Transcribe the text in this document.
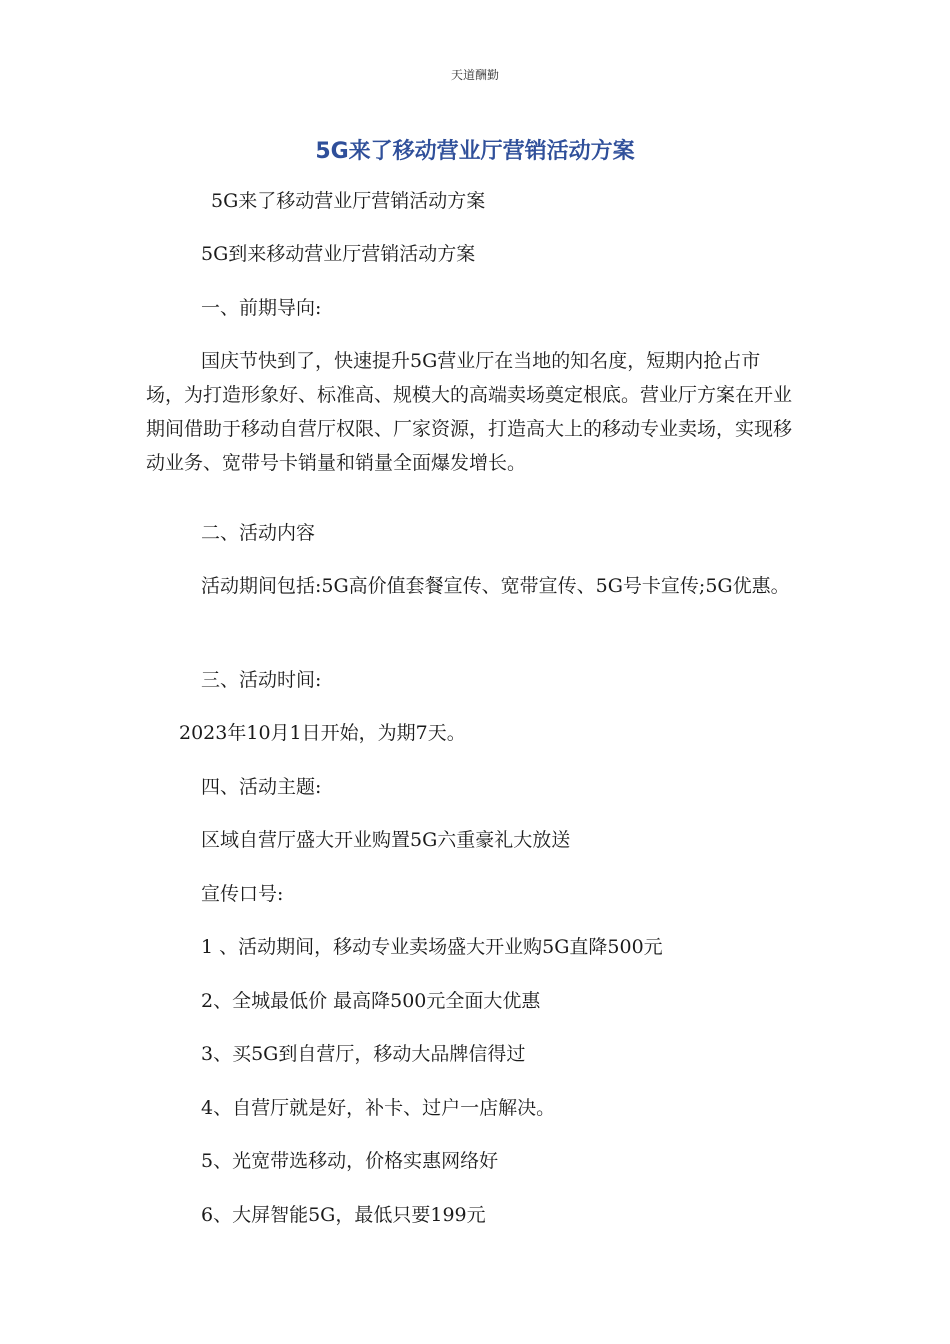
天道酬勤
5G来了移动营业厅营销活动方案
5G来了移动营业厅营销活动方案
5G到来移动营业厅营销活动方案
一、前期导向:
国庆节快到了，快速提升5G营业厅在当地的知名度，短期内抢占市场，为打造形象好、标准高、规模大的高端卖场奠定根底。营业厅方案在开业期间借助于移动自营厅权限、厂家资源，打造高大上的移动专业卖场，实现移动业务、宽带号卡销量和销量全面爆发增长。
二、活动内容
活动期间包括:5G高价值套餐宣传、宽带宣传、5G号卡宣传;5G优惠。
三、活动时间:
2023年10月1日开始，为期7天。
四、活动主题:
区域自营厅盛大开业购置5G六重豪礼大放送
宣传口号:
1 、活动期间，移动专业卖场盛大开业购5G直降500元
2、全城最低价 最高降500元全面大优惠
3、买5G到自营厅，移动大品牌信得过
4、自营厅就是好，补卡、过户一店解决。
5、光宽带选移动，价格实惠网络好
6、大屏智能5G，最低只要199元
